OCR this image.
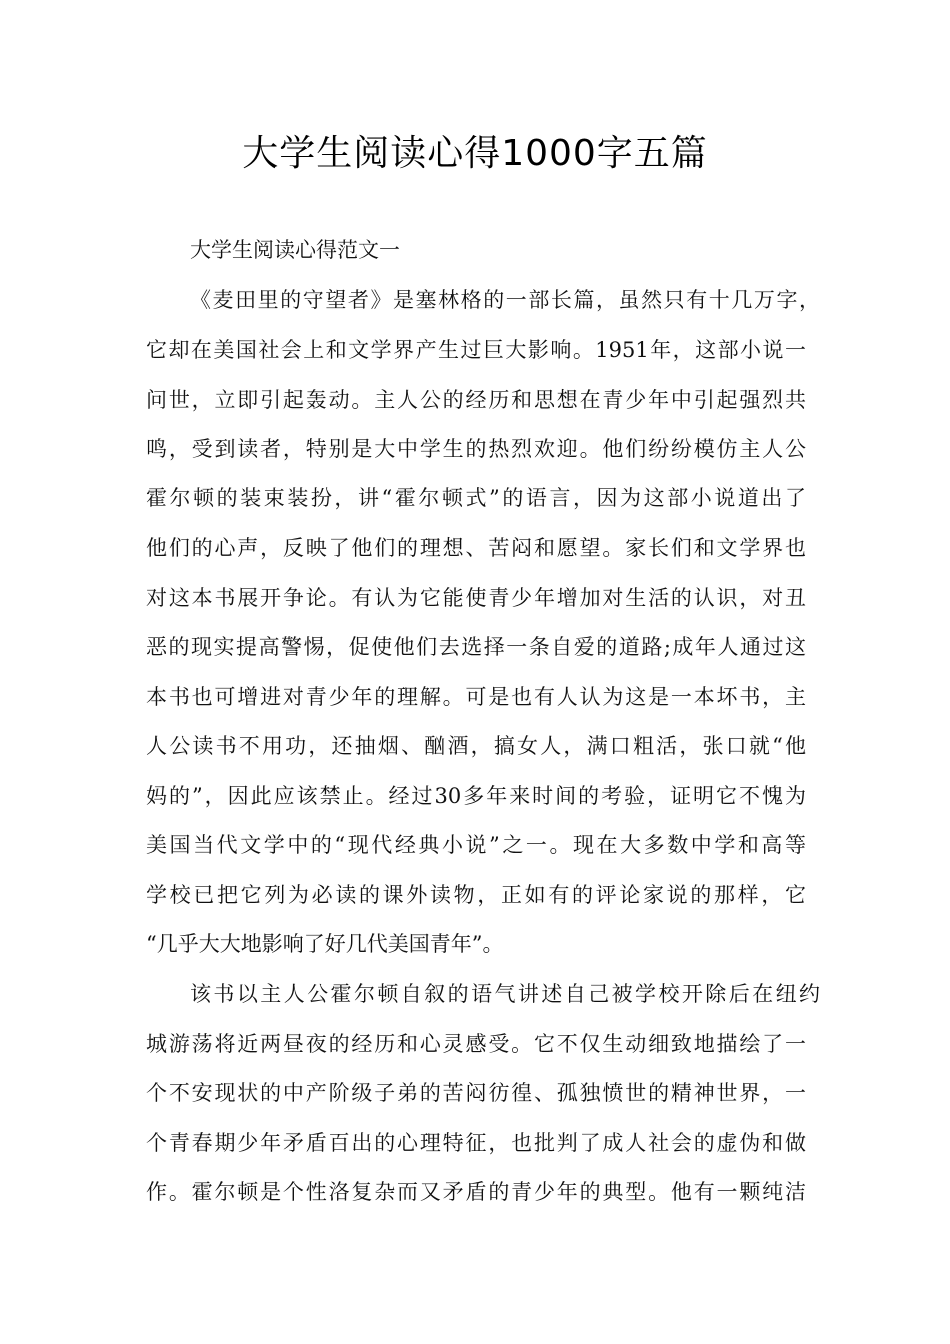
大学生阅读心得1000字五篇
大学生阅读心得范文一
《麦田里的守望者》是塞林格的一部长篇，虽然只有十几万字，
它却在美国社会上和文学界产生过巨大影响。1951年，这部小说一
问世，立即引起轰动。主人公的经历和思想在青少年中引起强烈共
鸣，受到读者，特别是大中学生的热烈欢迎。他们纷纷模仿主人公
霍尔顿的装束装扮，讲“霍尔顿式”的语言，因为这部小说道出了
他们的心声，反映了他们的理想、苦闷和愿望。家长们和文学界也
对这本书展开争论。有认为它能使青少年增加对生活的认识，对丑
恶的现实提高警惕，促使他们去选择一条自爱的道路;成年人通过这
本书也可增进对青少年的理解。可是也有人认为这是一本坏书，主
人公读书不用功，还抽烟、酗酒，搞女人，满口粗活，张口就“他
妈的”，因此应该禁止。经过30多年来时间的考验，证明它不愧为
美国当代文学中的“现代经典小说”之一。现在大多数中学和高等
学校已把它列为必读的课外读物，正如有的评论家说的那样，它
“几乎大大地影响了好几代美国青年”。
该书以主人公霍尔顿自叙的语气讲述自己被学校开除后在纽约
城游荡将近两昼夜的经历和心灵感受。它不仅生动细致地描绘了一
个不安现状的中产阶级子弟的苦闷彷徨、孤独愤世的精神世界，一
个青春期少年矛盾百出的心理特征，也批判了成人社会的虚伪和做
作。霍尔顿是个性洛复杂而又矛盾的青少年的典型。他有一颗纯洁
